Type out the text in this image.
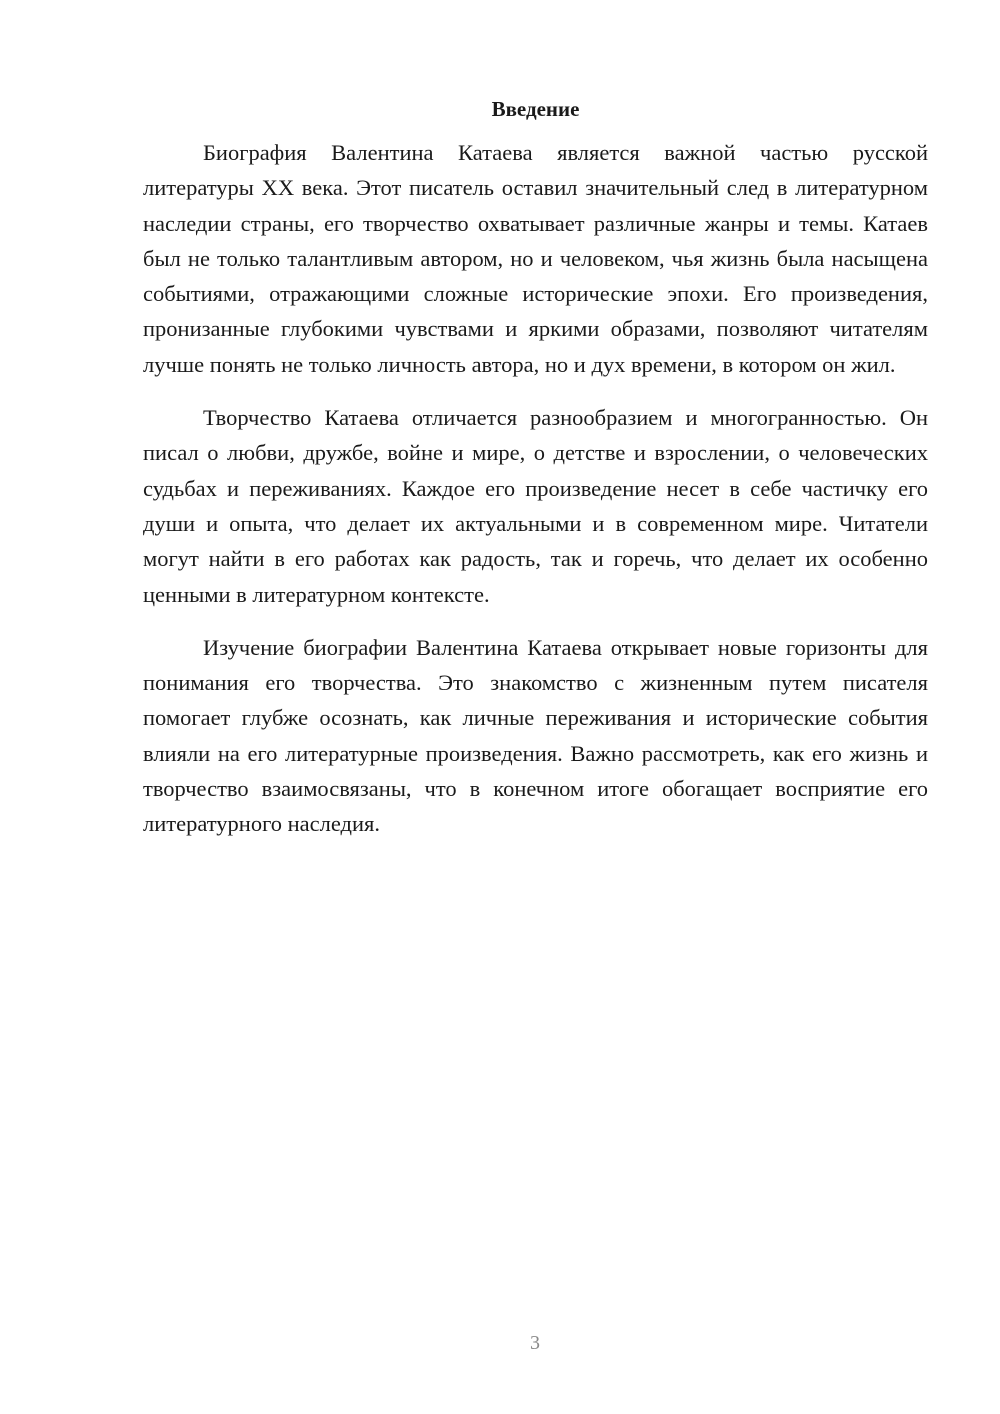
Введение

Биография Валентина Катаева является важной частью русской литературы XX века. Этот писатель оставил значительный след в литературном наследии страны, его творчество охватывает различные жанры и темы. Катаев был не только талантливым автором, но и человеком, чья жизнь была насыщена событиями, отражающими сложные исторические эпохи. Его произведения, пронизанные глубокими чувствами и яркими образами, позволяют читателям лучше понять не только личность автора, но и дух времени, в котором он жил.

Творчество Катаева отличается разнообразием и многогранностью. Он писал о любви, дружбе, войне и мире, о детстве и взрослении, о человеческих судьбах и переживаниях. Каждое его произведение несет в себе частичку его души и опыта, что делает их актуальными и в современном мире. Читатели могут найти в его работах как радость, так и горечь, что делает их особенно ценными в литературном контексте.

Изучение биографии Валентина Катаева открывает новые горизонты для понимания его творчества. Это знакомство с жизненным путем писателя помогает глубже осознать, как личные переживания и исторические события влияли на его литературные произведения. Важно рассмотреть, как его жизнь и творчество взаимосвязаны, что в конечном итоге обогащает восприятие его литературного наследия.

3
